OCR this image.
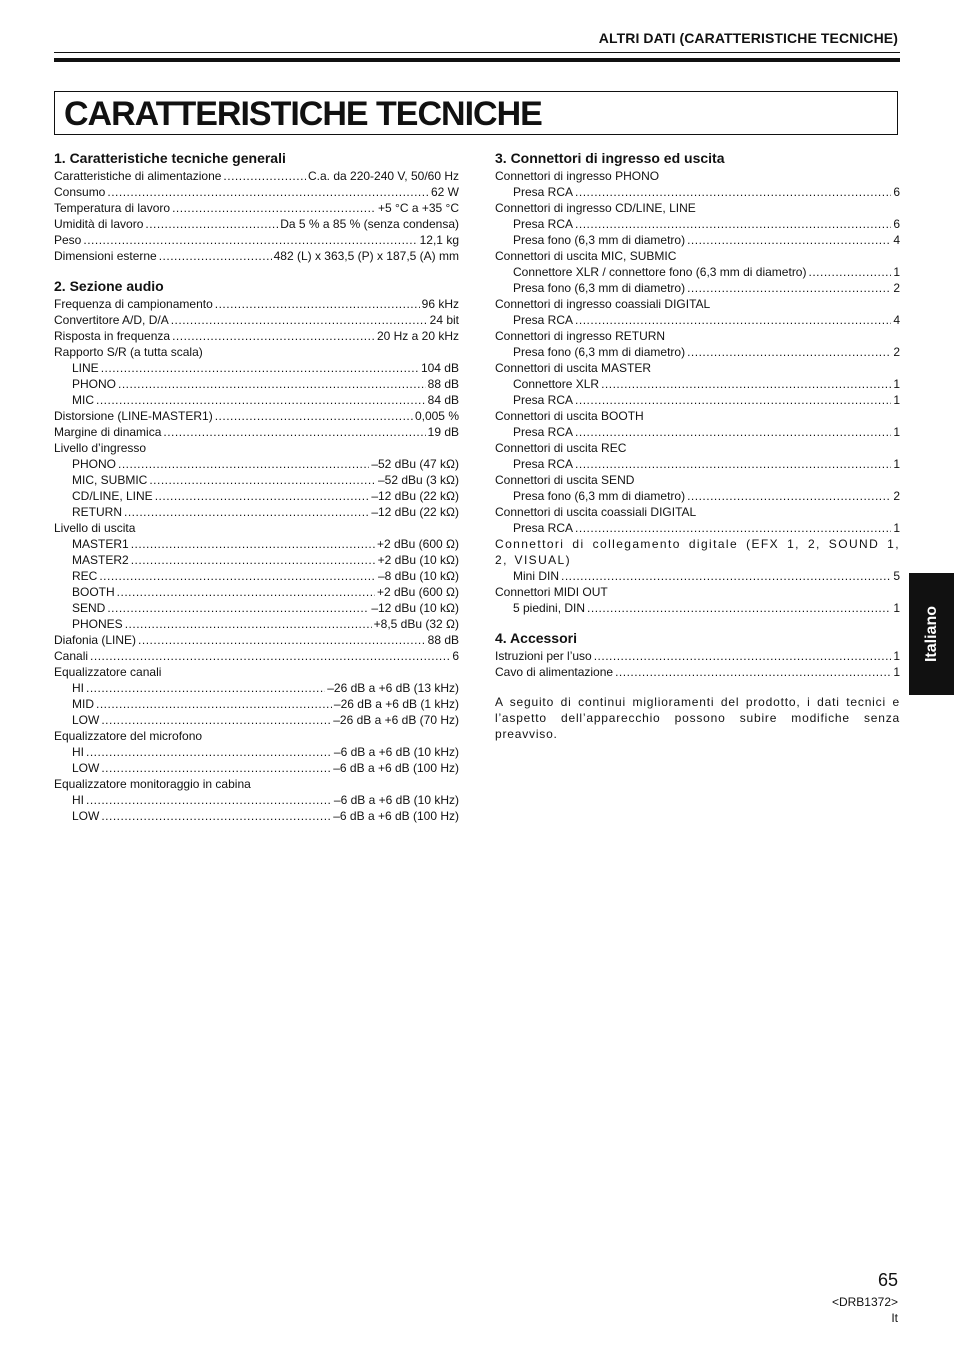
ALTRI DATI (CARATTERISTICHE TECNICHE)
CARATTERISTICHE TECNICHE
1. Caratteristiche tecniche generali
Caratteristiche di alimentazione .....	C.a. da 220-240 V, 50/60 Hz
Consumo .....	62 W
Temperatura di lavoro .....	+5 °C a +35 °C
Umidità di lavoro .....	Da 5 % a 85 % (senza condensa)
Peso .....	12,1 kg
Dimensioni esterne .....	482 (L) x 363,5 (P) x 187,5 (A) mm
2. Sezione audio
Frequenza di campionamento .....	96 kHz
Convertitore A/D, D/A .....	24 bit
Risposta in frequenza .....	20 Hz a 20 kHz
Rapporto S/R (a tutta scala)
LINE .....	104 dB
PHONO .....	88 dB
MIC .....	84 dB
Distorsione (LINE-MASTER1) .....	0,005 %
Margine di dinamica .....	19 dB
Livello d’ingresso
PHONO .....	–52 dBu (47 kΩ)
MIC, SUBMIC .....	–52 dBu (3 kΩ)
CD/LINE, LINE .....	–12 dBu (22 kΩ)
RETURN .....	–12 dBu (22 kΩ)
Livello di uscita
MASTER1 .....	+2 dBu (600 Ω)
MASTER2 .....	+2 dBu (10 kΩ)
REC .....	–8 dBu (10 kΩ)
BOOTH .....	+2 dBu (600 Ω)
SEND .....	–12 dBu (10 kΩ)
PHONES .....	+8,5 dBu (32 Ω)
Diafonia (LINE) .....	88 dB
Canali .....	6
Equalizzatore canali
HI .....	–26 dB a +6 dB (13 kHz)
MID .....	–26 dB a +6 dB (1 kHz)
LOW .....	–26 dB a +6 dB (70 Hz)
Equalizzatore del microfono
HI .....	–6 dB a +6 dB (10 kHz)
LOW .....	–6 dB a +6 dB (100 Hz)
Equalizzatore monitoraggio in cabina
HI .....	–6 dB a +6 dB (10 kHz)
LOW .....	–6 dB a +6 dB (100 Hz)
3. Connettori di ingresso ed uscita
Connettori di ingresso PHONO
Presa RCA .....	6
Connettori di ingresso CD/LINE, LINE
Presa RCA .....	6
Presa fono (6,3 mm di diametro) .....	4
Connettori di uscita MIC, SUBMIC
Connettore XLR / connettore fono (6,3 mm di diametro) .....	1
Presa fono (6,3 mm di diametro) .....	2
Connettori di ingresso coassiali DIGITAL
Presa RCA .....	4
Connettori di ingresso RETURN
Presa fono (6,3 mm di diametro) .....	2
Connettori di uscita MASTER
Connettore XLR .....	1
Presa RCA .....	1
Connettori di uscita BOOTH
Presa RCA .....	1
Connettori di uscita REC
Presa RCA .....	1
Connettori di uscita SEND
Presa fono (6,3 mm di diametro) .....	2
Connettori di uscita coassiali DIGITAL
Presa RCA .....	1
Connettori di collegamento digitale (EFX 1, 2, SOUND 1, 2, VISUAL)
Mini DIN .....	5
Connettori MIDI OUT
5 piedini, DIN .....	1
4. Accessori
Istruzioni per l’uso .....	1
Cavo di alimentazione .....	1
A seguito di continui miglioramenti del prodotto, i dati tecnici e l’aspetto dell’apparecchio possono subire modifiche senza preavviso.
Italiano
65
<DRB1372>
It
